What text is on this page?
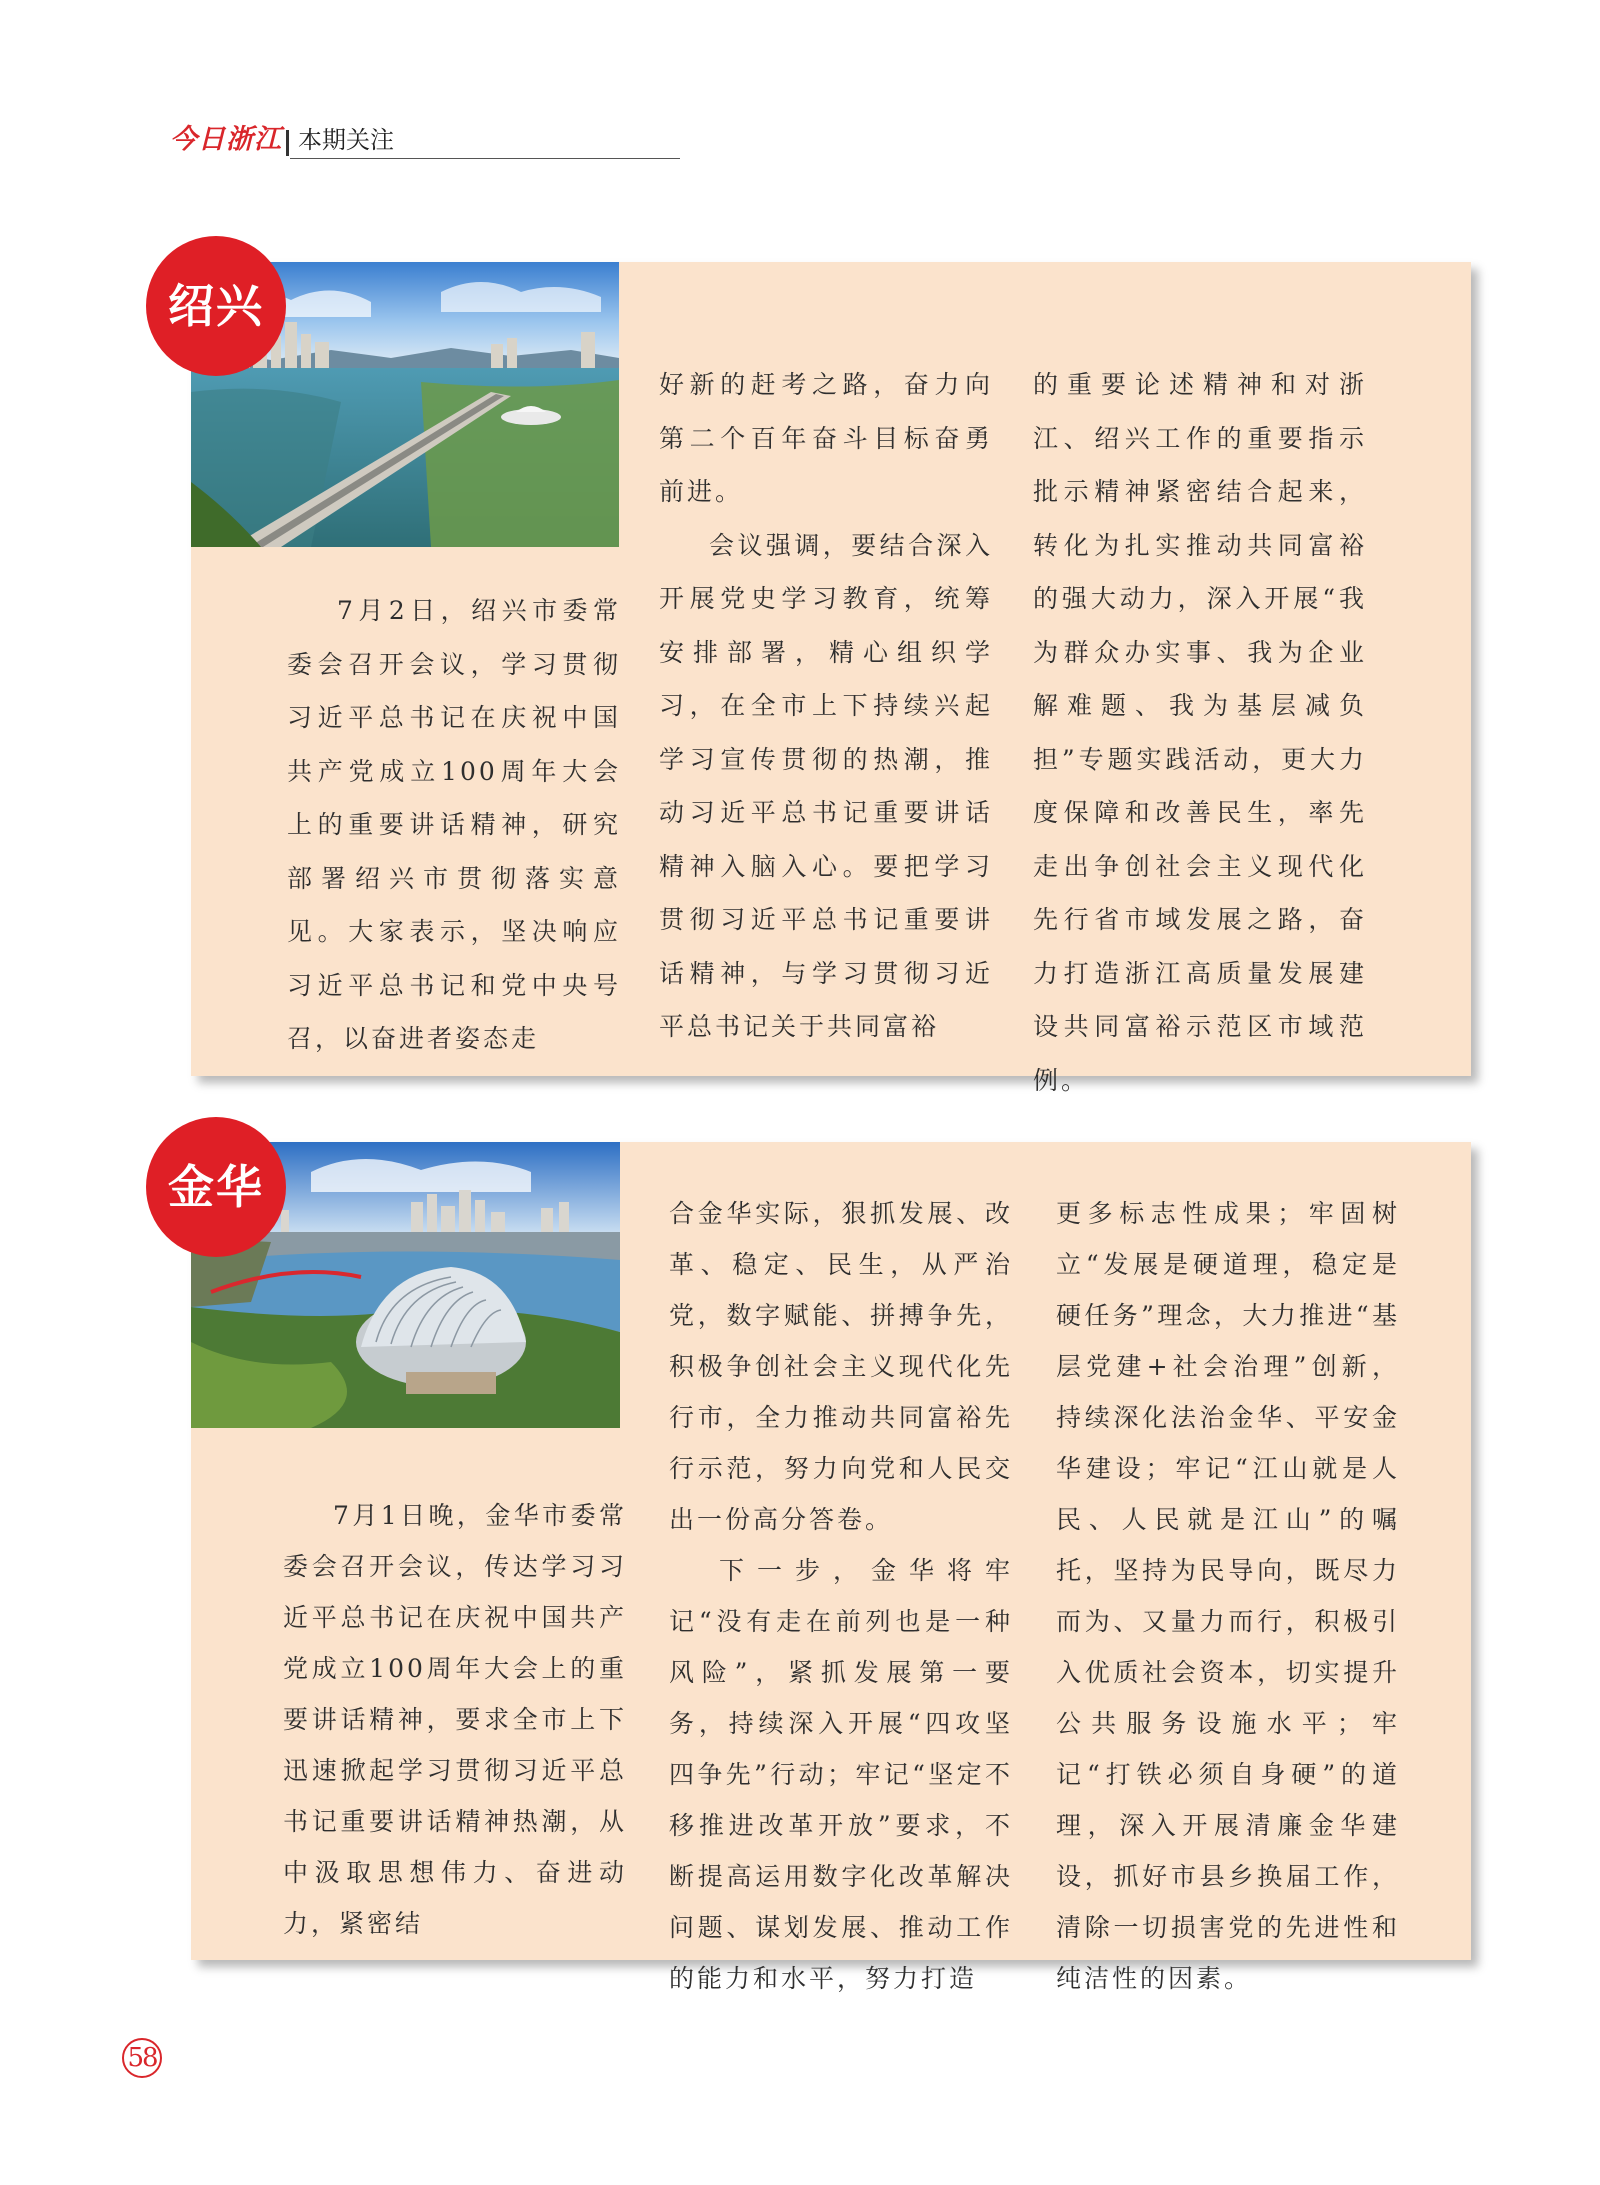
今日浙江 本期关注
绍兴

7月2日，绍兴市委常委会召开会议，学习贯彻习近平总书记在庆祝中国共产党成立100周年大会上的重要讲话精神，研究部署绍兴市贯彻落实意见。大家表示，坚决响应习近平总书记和党中央号召，以奋进者姿态走

好新的赶考之路，奋力向第二个百年奋斗目标奋勇前进。

会议强调，要结合深入开展党史学习教育，统筹安排部署，精心组织学习，在全市上下持续兴起学习宣传贯彻的热潮，推动习近平总书记重要讲话精神入脑入心。要把学习贯彻习近平总书记重要讲话精神，与学习贯彻习近平总书记关于共同富裕

的重要论述精神和对浙江、绍兴工作的重要指示批示精神紧密结合起来，转化为扎实推动共同富裕的强大动力，深入开展“我为群众办实事、我为企业解难题、我为基层减负担”专题实践活动，更大力度保障和改善民生，率先走出争创社会主义现代化先行省市域发展之路，奋力打造浙江高质量发展建设共同富裕示范区市域范例。

金华

7月1日晚，金华市委常委会召开会议，传达学习习近平总书记在庆祝中国共产党成立100周年大会上的重要讲话精神，要求全市上下迅速掀起学习贯彻习近平总书记重要讲话精神热潮，从中汲取思想伟力、奋进动力，紧密结

合金华实际，狠抓发展、改革、稳定、民生，从严治党，数字赋能、拼搏争先，积极争创社会主义现代化先行市，全力推动共同富裕先行示范，努力向党和人民交出一份高分答卷。

下一步，金华将牢记“没有走在前列也是一种风险”，紧抓发展第一要务，持续深入开展“四攻坚四争先”行动；牢记“坚定不移推进改革开放”要求，不断提高运用数字化改革解决问题、谋划发展、推动工作的能力和水平，努力打造

更多标志性成果；牢固树立“发展是硬道理，稳定是硬任务”理念，大力推进“基层党建+社会治理”创新，持续深化法治金华、平安金华建设；牢记“江山就是人民、人民就是江山”的嘱托，坚持为民导向，既尽力而为、又量力而行，积极引入优质社会资本，切实提升公共服务设施水平；牢记“打铁必须自身硬”的道理，深入开展清廉金华建设，抓好市县乡换届工作，清除一切损害党的先进性和纯洁性的因素。

58
